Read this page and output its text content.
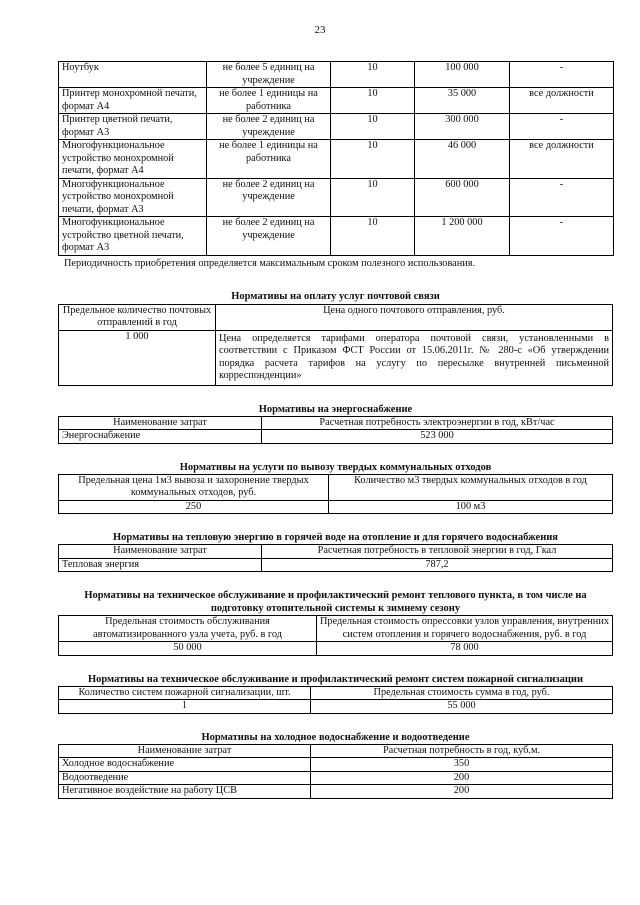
23
Ноутбук	не более 5 единиц на учреждение	10	100 000	-
Принтер монохромной печати, формат А4	не более 1 единицы на работника	10	35 000	все должности
Принтер цветной печати, формат А3	не более 2 единиц на учреждение	10	300 000	-
Многофункциональное устройство монохромной печати, формат А4	не более 1 единицы на работника	10	46 000	все должности
Многофункциональное устройство монохромной печати, формат А3	не более 2 единиц на учреждение	10	600 000	-
Многофункциональное устройство цветной печати, формат А3	не более 2 единиц на учреждение	10	1 200 000	-
Периодичность приобретения определяется максимальным сроком полезного использования.
Нормативы на оплату услуг почтовой связи
Предельное количество почтовых отправлений в год	Цена одного почтового отправления, руб.
1 000	Цена определяется тарифами оператора почтовой связи, установленными в соответствии с Приказом ФСТ России от 15.06.2011г. № 280-с «Об утверждении порядка расчета тарифов на услугу по пересылке внутренней письменной корреспонденции»
Нормативы на энергоснабжение
Наименование затрат	Расчетная потребность электроэнергии в год, кВт/час
Энергоснабжение	523 000
Нормативы на услуги по вывозу твердых коммунальных отходов
Предельная цена 1м3 вывоза и захоронение твердых коммунальных отходов, руб.	Количество м3 твердых коммунальных отходов в год
250	100 м3
Нормативы на тепловую энергию в горячей воде на отопление и для горячего водоснабжения
Наименование затрат	Расчетная потребность в тепловой энергии в год, Гкал
Тепловая энергия	787,2
Нормативы на техническое обслуживание и профилактический ремонт теплового пункта, в том числе на подготовку отопительной системы к зимнему сезону
Предельная стоимость обслуживания автоматизированного узла учета, руб. в год	Предельная стоимость опрессовки узлов управления, внутренних систем отопления и горячего водоснабжения, руб. в год
50 000	78 000
Нормативы на техническое обслуживание и профилактический ремонт систем пожарной сигнализации
Количество систем пожарной сигнализации, шт.	Предельная стоимость сумма в год, руб.
1	55 000
Нормативы на холодное водоснабжение и водоотведение
Наименование затрат	Расчетная потребность в год, куб.м.
Холодное водоснабжение	350
Водоотведение	200
Негативное воздействие на работу ЦСВ	200
